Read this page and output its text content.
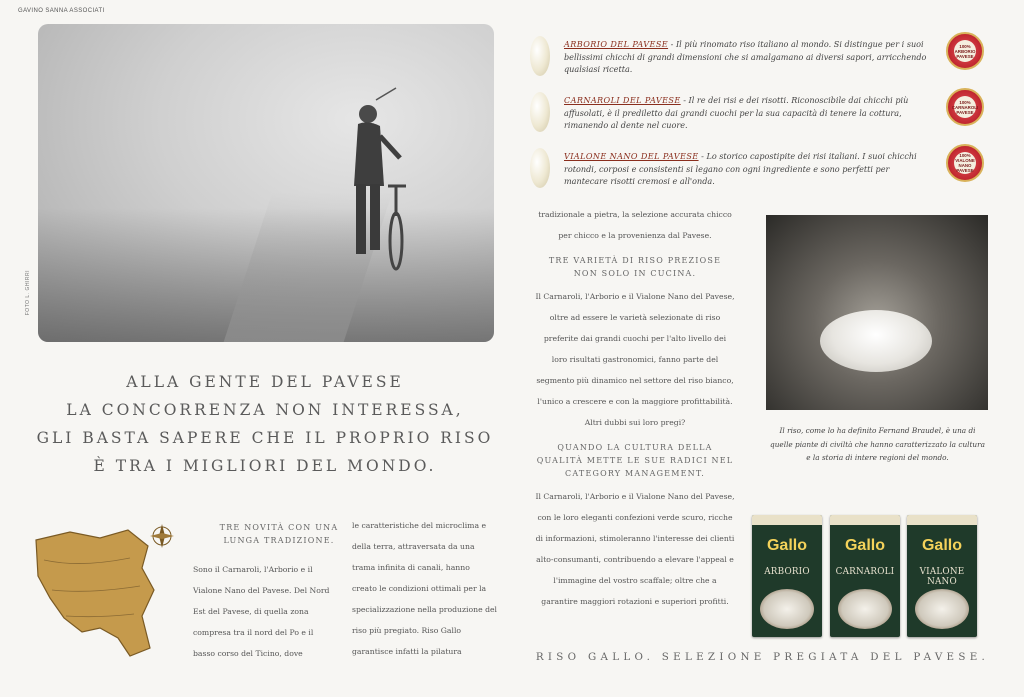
GAVINO SANNA ASSOCIATI
FOTO L. GHIRRI
ALLA GENTE DEL PAVESE
LA CONCORRENZA NON INTERESSA,
GLI BASTA SAPERE CHE IL PROPRIO RISO
È TRA I MIGLIORI DEL MONDO.
TRE NOVITÀ CON UNA LUNGA TRADIZIONE.
Sono il Carnaroli, l'Arborio e il Vialone Nano del Pavese. Del Nord Est del Pavese, di quella zona compresa tra il nord del Po e il basso corso del Ticino, dove
le caratteristiche del microclima e della terra, attraversata da una trama infinita di canali, hanno creato le condizioni ottimali per la specializzazione nella produzione del riso più pregiato. Riso Gallo garantisce infatti la pilatura
ARBORIO DEL PAVESE - Il più rinomato riso italiano al mondo. Si distingue per i suoi bellissimi chicchi di grandi dimensioni che si amalgamano ai diversi sapori, arricchendo qualsiasi ricetta.
100% ARBORIO PAVESE
CARNAROLI DEL PAVESE - Il re dei risi e dei risotti. Riconoscibile dai chicchi più affusolati, è il prediletto dai grandi cuochi per la sua capacità di tenere la cottura, rimanendo al dente nel cuore.
100% CARNAROLI PAVESE
VIALONE NANO DEL PAVESE - Lo storico capostipite dei risi italiani. I suoi chicchi rotondi, corposi e consistenti si legano con ogni ingrediente e sono perfetti per mantecare risotti cremosi e all'onda.
100% VIALONE NANO PAVESE

tradizionale a pietra, la selezione accurata chicco per chicco e la provenienza dal Pavese.

TRE VARIETÀ DI RISO PREZIOSE NON SOLO IN CUCINA.

Il Carnaroli, l'Arborio e il Vialone Nano del Pavese, oltre ad essere le varietà selezionate di riso preferite dai grandi cuochi per l'alto livello dei loro risultati gastronomici, fanno parte del segmento più dinamico nel settore del riso bianco, l'unico a crescere e con la maggiore profittabilità. Altri dubbi sui loro pregi?

QUANDO LA CULTURA DELLA QUALITÀ METTE LE SUE RADICI NEL CATEGORY MANAGEMENT.

Il Carnaroli, l'Arborio e il Vialone Nano del Pavese, con le loro eleganti confezioni verde scuro, ricche di informazioni, stimoleranno l'interesse dei clienti alto-consumanti, contribuendo a elevare l'appeal e l'immagine del vostro scaffale; oltre che a garantire maggiori rotazioni e superiori profitti.

Il riso, come lo ha definito Fernand Braudel, è una di quelle piante di civiltà che hanno caratterizzato la cultura e la storia di intere regioni del mondo.
Gallo
ARBORIO
Gallo
CARNAROLI
Gallo
VIALONE NANO
RISO GALLO. SELEZIONE PREGIATA DEL PAVESE.
